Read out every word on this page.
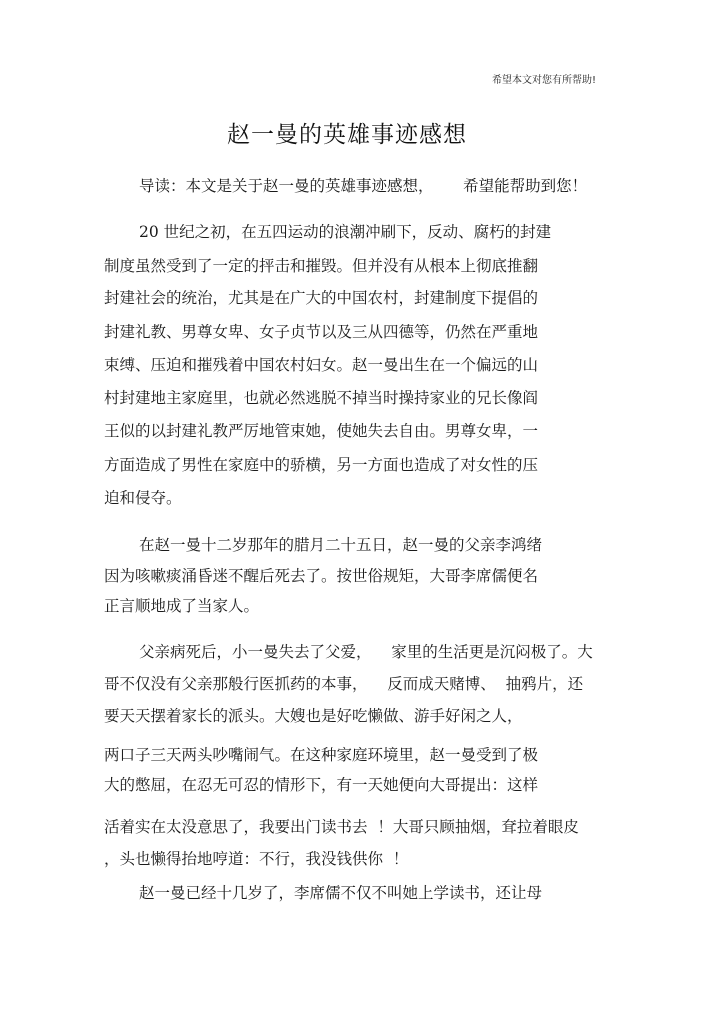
希望本文对您有所帮助!
赵一曼的英雄事迹感想
导读：本文是关于赵一曼的英雄事迹感想，      希望能帮助到您！
20 世纪之初，在五四运动的浪潮冲刷下，反动、腐朽的封建
制度虽然受到了一定的抨击和摧毁。但并没有从根本上彻底推翻
封建社会的统治，尤其是在广大的中国农村，封建制度下提倡的
封建礼教、男尊女卑、女子贞节以及三从四德等，仍然在严重地
束缚、压迫和摧残着中国农村妇女。赵一曼出生在一个偏远的山
村封建地主家庭里，也就必然逃脱不掉当时操持家业的兄长像阎
王似的以封建礼教严厉地管束她，使她失去自由。男尊女卑，一
方面造成了男性在家庭中的骄横，另一方面也造成了对女性的压
迫和侵夺。
在赵一曼十二岁那年的腊月二十五日，赵一曼的父亲李鸿绪
因为咳嗽痰涌昏迷不醒后死去了。按世俗规矩，大哥李席儒便名
正言顺地成了当家人。
父亲病死后，小一曼失去了父爱，    家里的生活更是沉闷极了。大
哥不仅没有父亲那般行医抓药的本事，    反而成天赌博、  抽鸦片，还
要天天摆着家长的派头。大嫂也是好吃懒做、游手好闲之人，
两口子三天两头吵嘴闹气。在这种家庭环境里，赵一曼受到了极
大的憋屈，在忍无可忍的情形下，有一天她便向大哥提出：这样
活着实在太没意思了，我要出门读书去  ！大哥只顾抽烟，耷拉着眼皮
，头也懒得抬地哼道：不行，我没钱供你  ！
赵一曼已经十几岁了，李席儒不仅不叫她上学读书，还让母
